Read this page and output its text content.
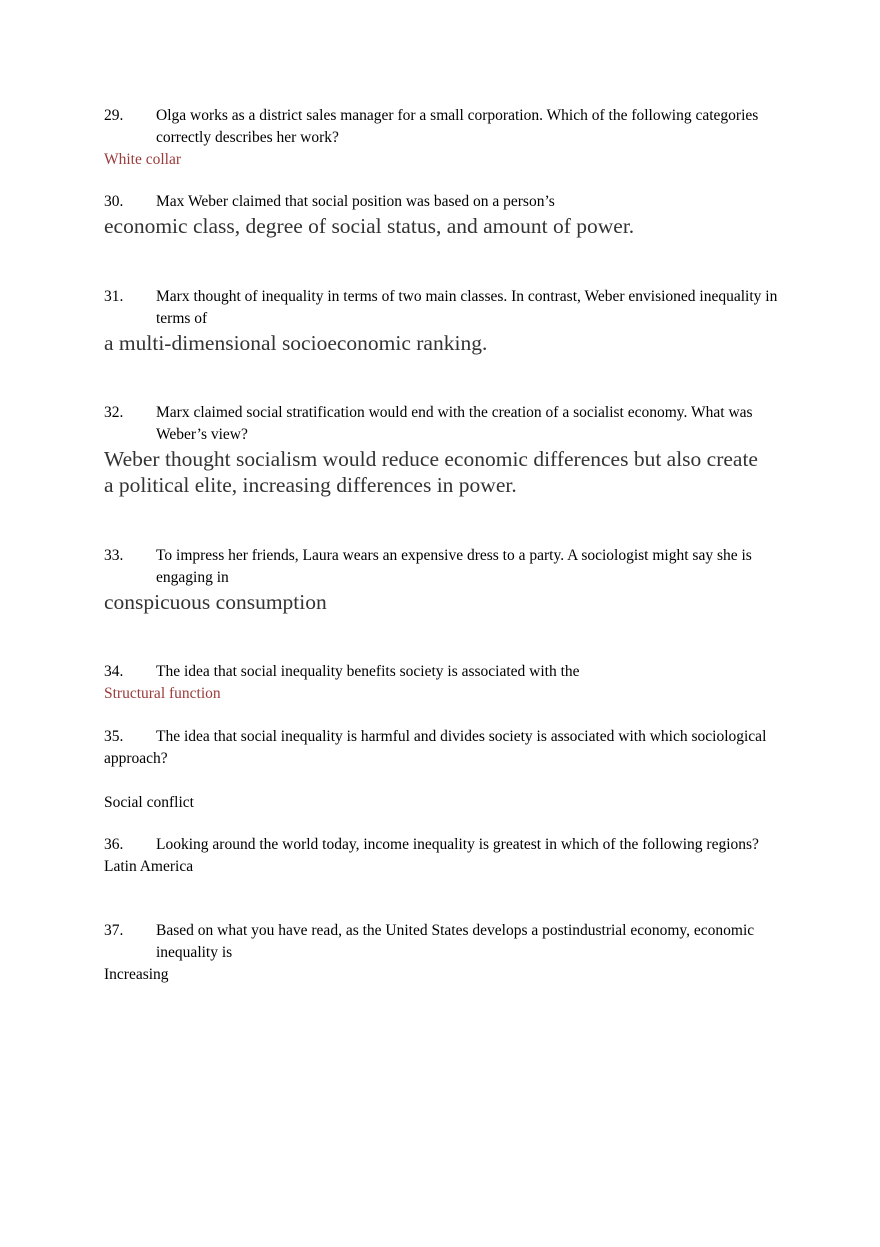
29.	Olga works as a district sales manager for a small corporation. Which of the following categories correctly describes her work?
White collar
30.	Max Weber claimed that social position was based on a person’s
economic class, degree of social status, and amount of power.
31.	Marx thought of inequality in terms of two main classes. In contrast, Weber envisioned inequality in terms of
a multi-dimensional socioeconomic ranking.
32.	Marx claimed social stratification would end with the creation of a socialist economy. What was Weber’s view?
Weber thought socialism would reduce economic differences but also create a political elite, increasing differences in power.
33.	To impress her friends, Laura wears an expensive dress to a party. A sociologist might say she is engaging in
conspicuous consumption
34.	The idea that social inequality benefits society is associated with the
Structural function
35. The idea that social inequality is harmful and divides society is associated with which sociological approach?
Social conflict
36.	Looking around the world today, income inequality is greatest in which of the following regions?
Latin America
37.	Based on what you have read, as the United States develops a postindustrial economy, economic inequality is
Increasing
